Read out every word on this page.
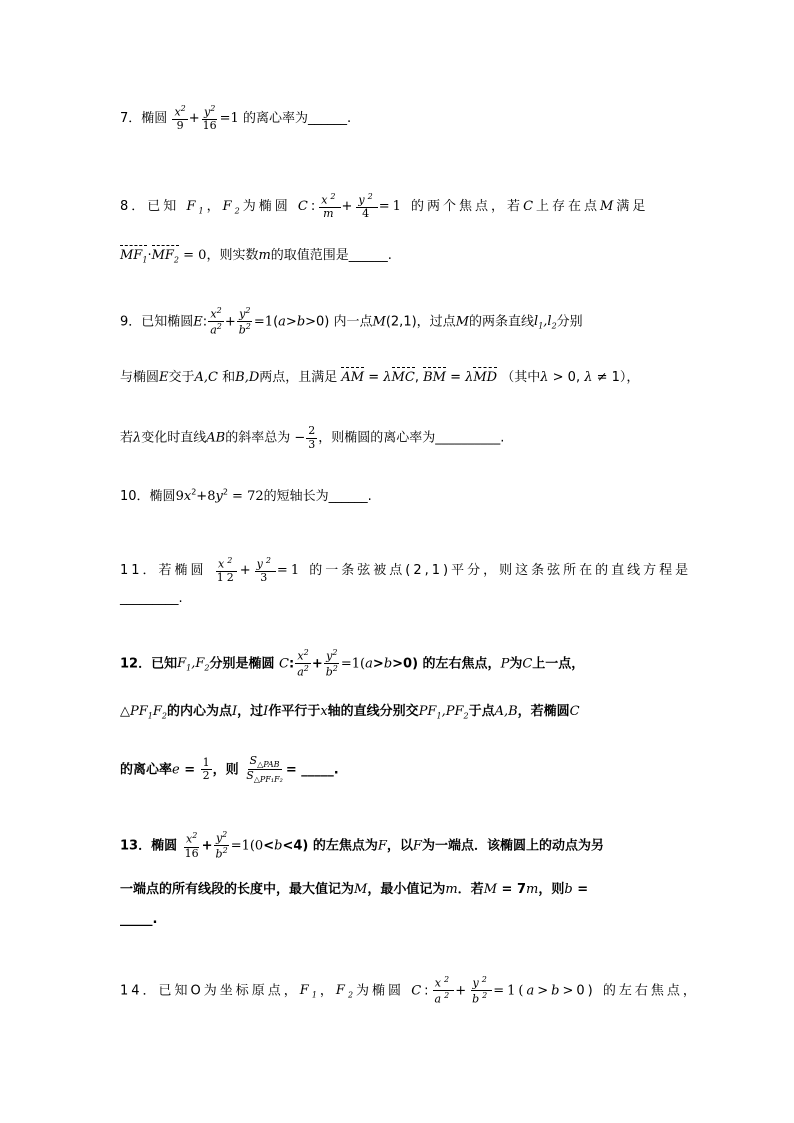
7．椭圆 $\frac{x^2}{9} + \frac{y^2}{16} =1$ 的离心率为______.
8．已知 $F_1$，$F_2$为椭圆 C: $\frac{x^2}{m} + \frac{y^2}{4} =1$ 的两个焦点，若C上存在点M满足
$MF_1\cdot MF_2 = 0$，则实数m的取值范围是______.
9．已知椭圆E: $\frac{x^2}{a^2} + \frac{y^2}{b^2} =1(a>b>0)$ 内一点M(2,1)，过点M的两条直线$l_1,l_2$分别
与椭圆E交于A,C 和B,D两点，且满足 AM = λMC, BM = λMD （其中λ > 0, λ ≠ 1），
若λ变化时直线AB的斜率总为 − $\frac{2}{3}$ ，则椭圆的离心率为__________.
10．椭圆$9x^2+8y^2 = 72$的短轴长为______.
11．若椭圆 $\frac{x^2}{12} + \frac{y^2}{3} =1$ 的一条弦被点(2,1)平分，则这条弦所在的直线方程是
_________.
12．已知$F_1,F_2$分别是椭圆 C: $\frac{x^2}{a^2} + \frac{y^2}{b^2} =1(a>b>0)$ 的左右焦点，P为C上一点，
$\triangle PF_1F_2$的内心为点I，过I作平行于x轴的直线分别交$PF_1,PF_2$于点A,B，若椭圆C
的离心率$e = \frac{1}{2}$ ，则 $\frac{S_{\triangle PAB}}{S_{\triangle PF_1F_2}}$ = _____.
13．椭圆 $\frac{x^2}{16} + \frac{y^2}{b^2} =1(0<b<4)$ 的左焦点为F，以F为一端点．该椭圆上的动点为另
一端点的所有线段的长度中，最大值记为M，最小值记为m．若M = 7m，则b =
_____.
14．已知O为坐标原点，$F_1$，$F_2$为椭圆 C: $\frac{x^2}{a^2} + \frac{y^2}{b^2} =1(a>b>0)$ 的左右焦点，
